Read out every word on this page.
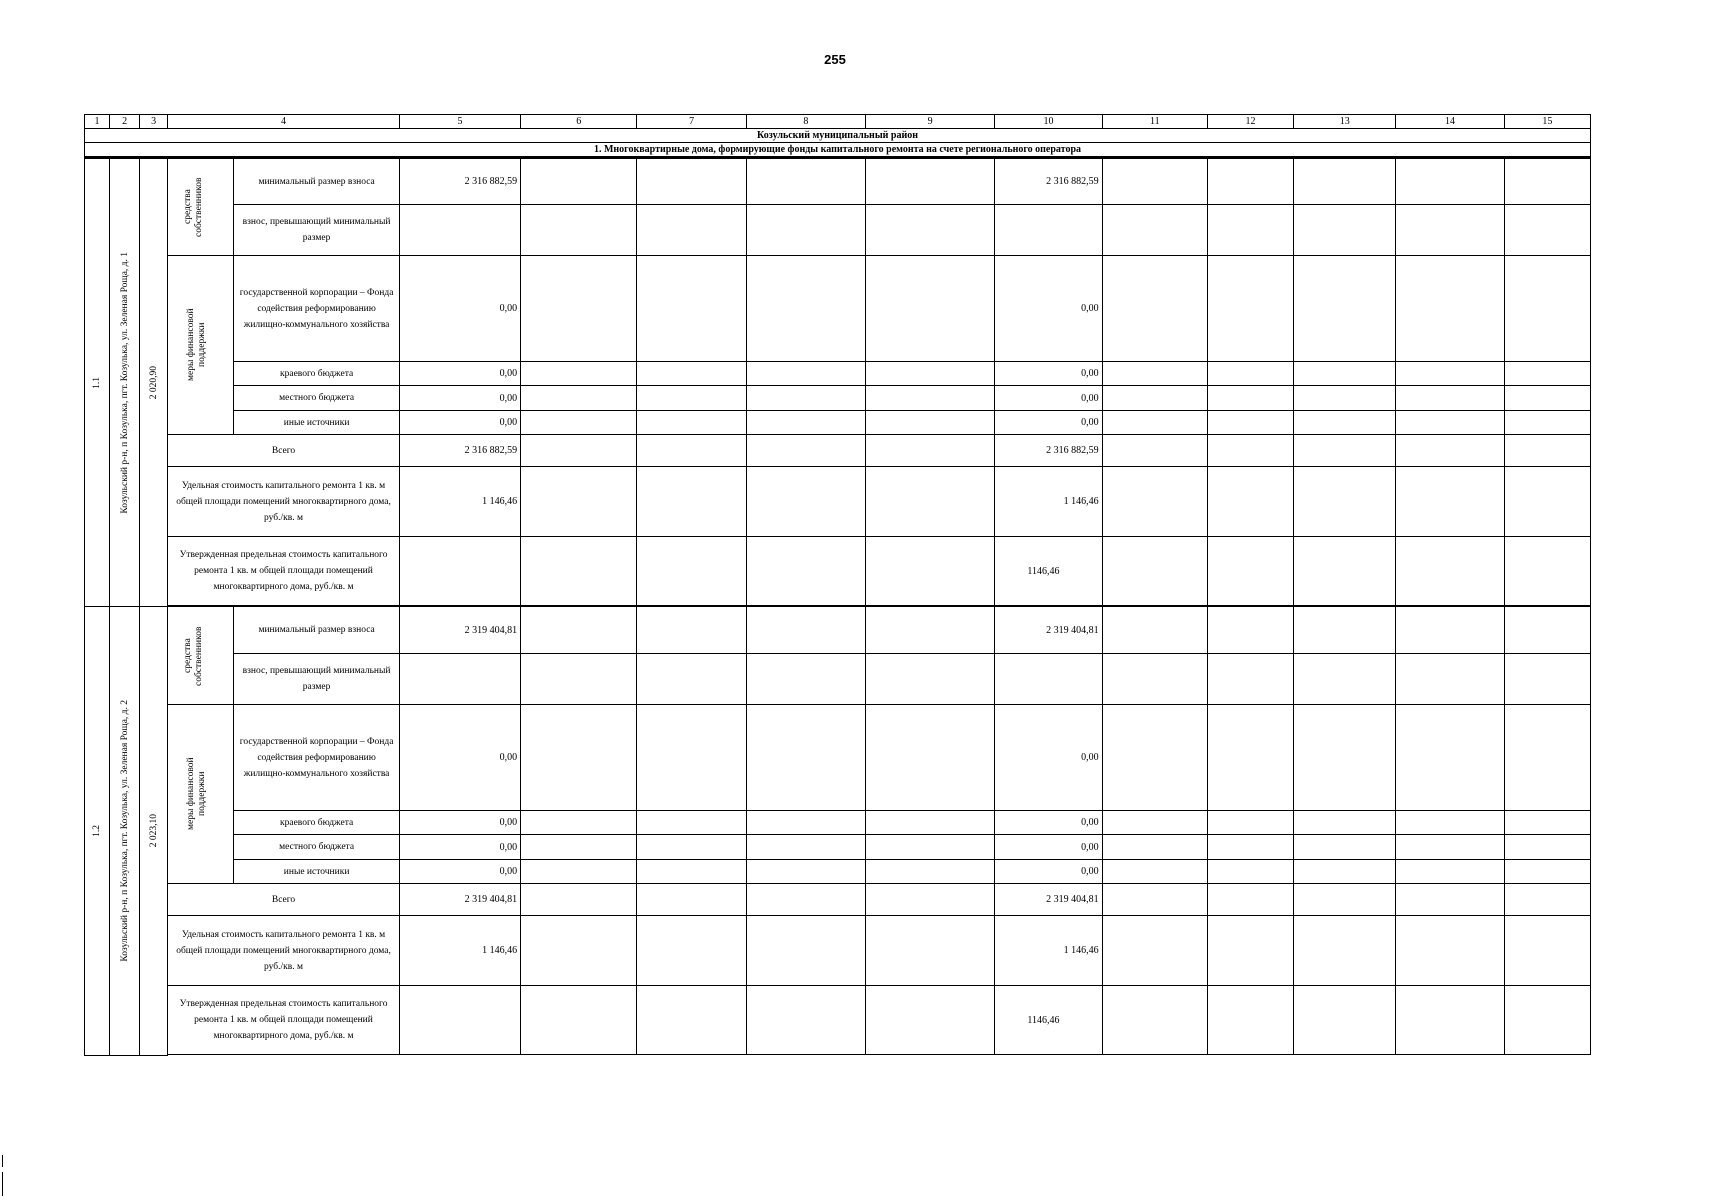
255
1	2	3	4		5	6	7	8	9	10	11	12	13	14	15
Козульский муниципальный район															
1. Многоквартирные дома, формирующие фонды капитального ремонта на счете регионального оператора															

1.1	Козульский р-н, п Козулька, пгт. Козулька, ул. Зеленая Роща, д. 1	2 020,90	средства собственников	минимальный размер взноса	2 316 882,59					2 316 882,59					
				взнос, превышающий минимальный размер											

			меры финансовой поддержки	государственной корпорации – Фонда содействия реформированию жилищно-коммунального хозяйства	0,00					0,00					
				краевого бюджета	0,00					0,00					
				местного бюджета	0,00					0,00					
				иные источники	0,00					0,00					
			Всего		2 316 882,59					2 316 882,59					
			Удельная стоимость капитального ремонта 1 кв. м общей площади помещений многоквартирного дома, руб./кв. м		1 146,46					1 146,46					
			Утвержденная предельная стоимость капитального ремонта 1 кв. м общей площади помещений многоквартирного дома, руб./кв. м							1146,46					

1.2	Козульский р-н, п Козулька, пгт. Козулька, ул. Зеленая Роща, д. 2	2 023,10	средства собственников	минимальный размер взноса	2 319 404,81					2 319 404,81					
				взнос, превышающий минимальный размер											

			меры финансовой поддержки	государственной корпорации – Фонда содействия реформированию жилищно-коммунального хозяйства	0,00					0,00					
				краевого бюджета	0,00					0,00					
				местного бюджета	0,00					0,00					
				иные источники	0,00					0,00					
			Всего		2 319 404,81					2 319 404,81					
			Удельная стоимость капитального ремонта 1 кв. м общей площади помещений многоквартирного дома, руб./кв. м		1 146,46					1 146,46					
			Утвержденная предельная стоимость капитального ремонта 1 кв. м общей площади помещений многоквартирного дома, руб./кв. м							1146,46					
